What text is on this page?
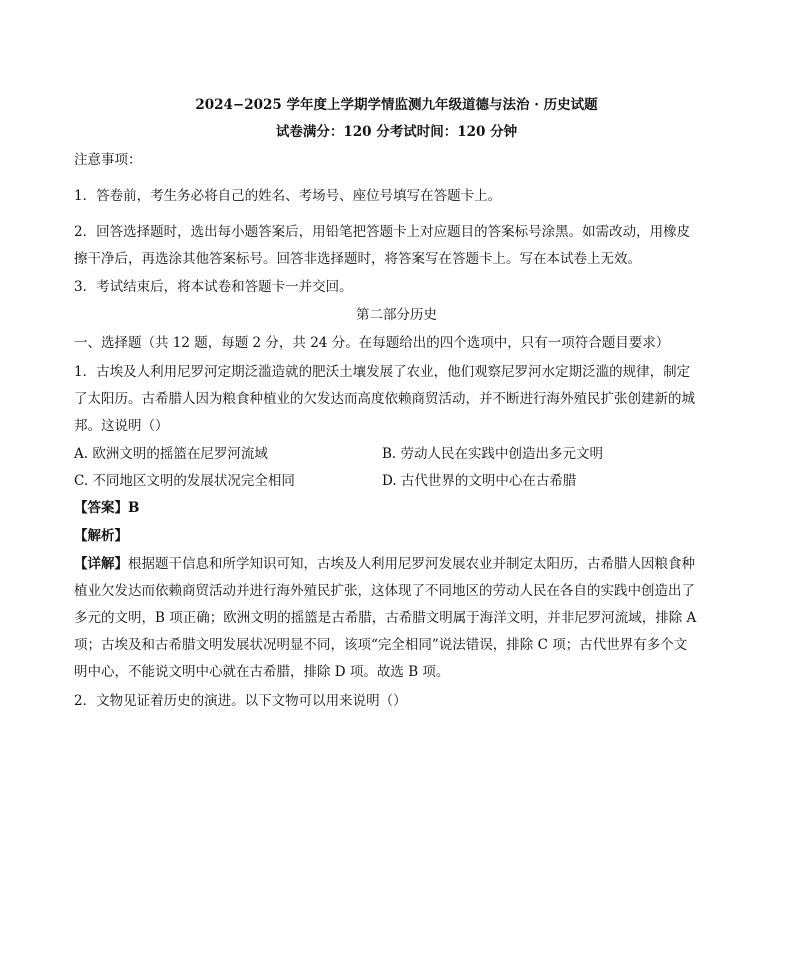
2024−2025 学年度上学期学情监测九年级道德与法治 · 历史试题
试卷满分：120 分考试时间：120 分钟
注意事项：
1．答卷前，考生务必将自己的姓名、考场号、座位号填写在答题卡上。
2．回答选择题时，选出每小题答案后，用铅笔把答题卡上对应题目的答案标号涂黑。如需改动，用橡皮
擦干净后，再选涂其他答案标号。回答非选择题时，将答案写在答题卡上。写在本试卷上无效。
3．考试结束后，将本试卷和答题卡一并交回。
第二部分历史
一、选择题（共 12 题，每题 2 分，共 24 分。在每题给出的四个选项中，只有一项符合题目要求）
1．古埃及人利用尼罗河定期泛滥造就的肥沃土壤发展了农业，他们观察尼罗河水定期泛滥的规律，制定
了太阳历。古希腊人因为粮食种植业的欠发达而高度依赖商贸活动，并不断进行海外殖民扩张创建新的城
邦。这说明（）
A. 欧洲文明的摇篮在尼罗河流域	B. 劳动人民在实践中创造出多元文明
C. 不同地区文明的发展状况完全相同	D. 古代世界的文明中心在古希腊
【答案】B
【解析】
【详解】根据题干信息和所学知识可知，古埃及人利用尼罗河发展农业并制定太阳历，古希腊人因粮食种
植业欠发达而依赖商贸活动并进行海外殖民扩张，这体现了不同地区的劳动人民在各自的实践中创造出了
多元的文明，B 项正确；欧洲文明的摇篮是古希腊，古希腊文明属于海洋文明，并非尼罗河流域，排除 A
项；古埃及和古希腊文明发展状况明显不同，该项“完全相同”说法错误，排除 C 项；古代世界有多个文
明中心，不能说文明中心就在古希腊，排除 D 项。故选 B 项。
2．文物见证着历史的演进。以下文物可以用来说明（）
